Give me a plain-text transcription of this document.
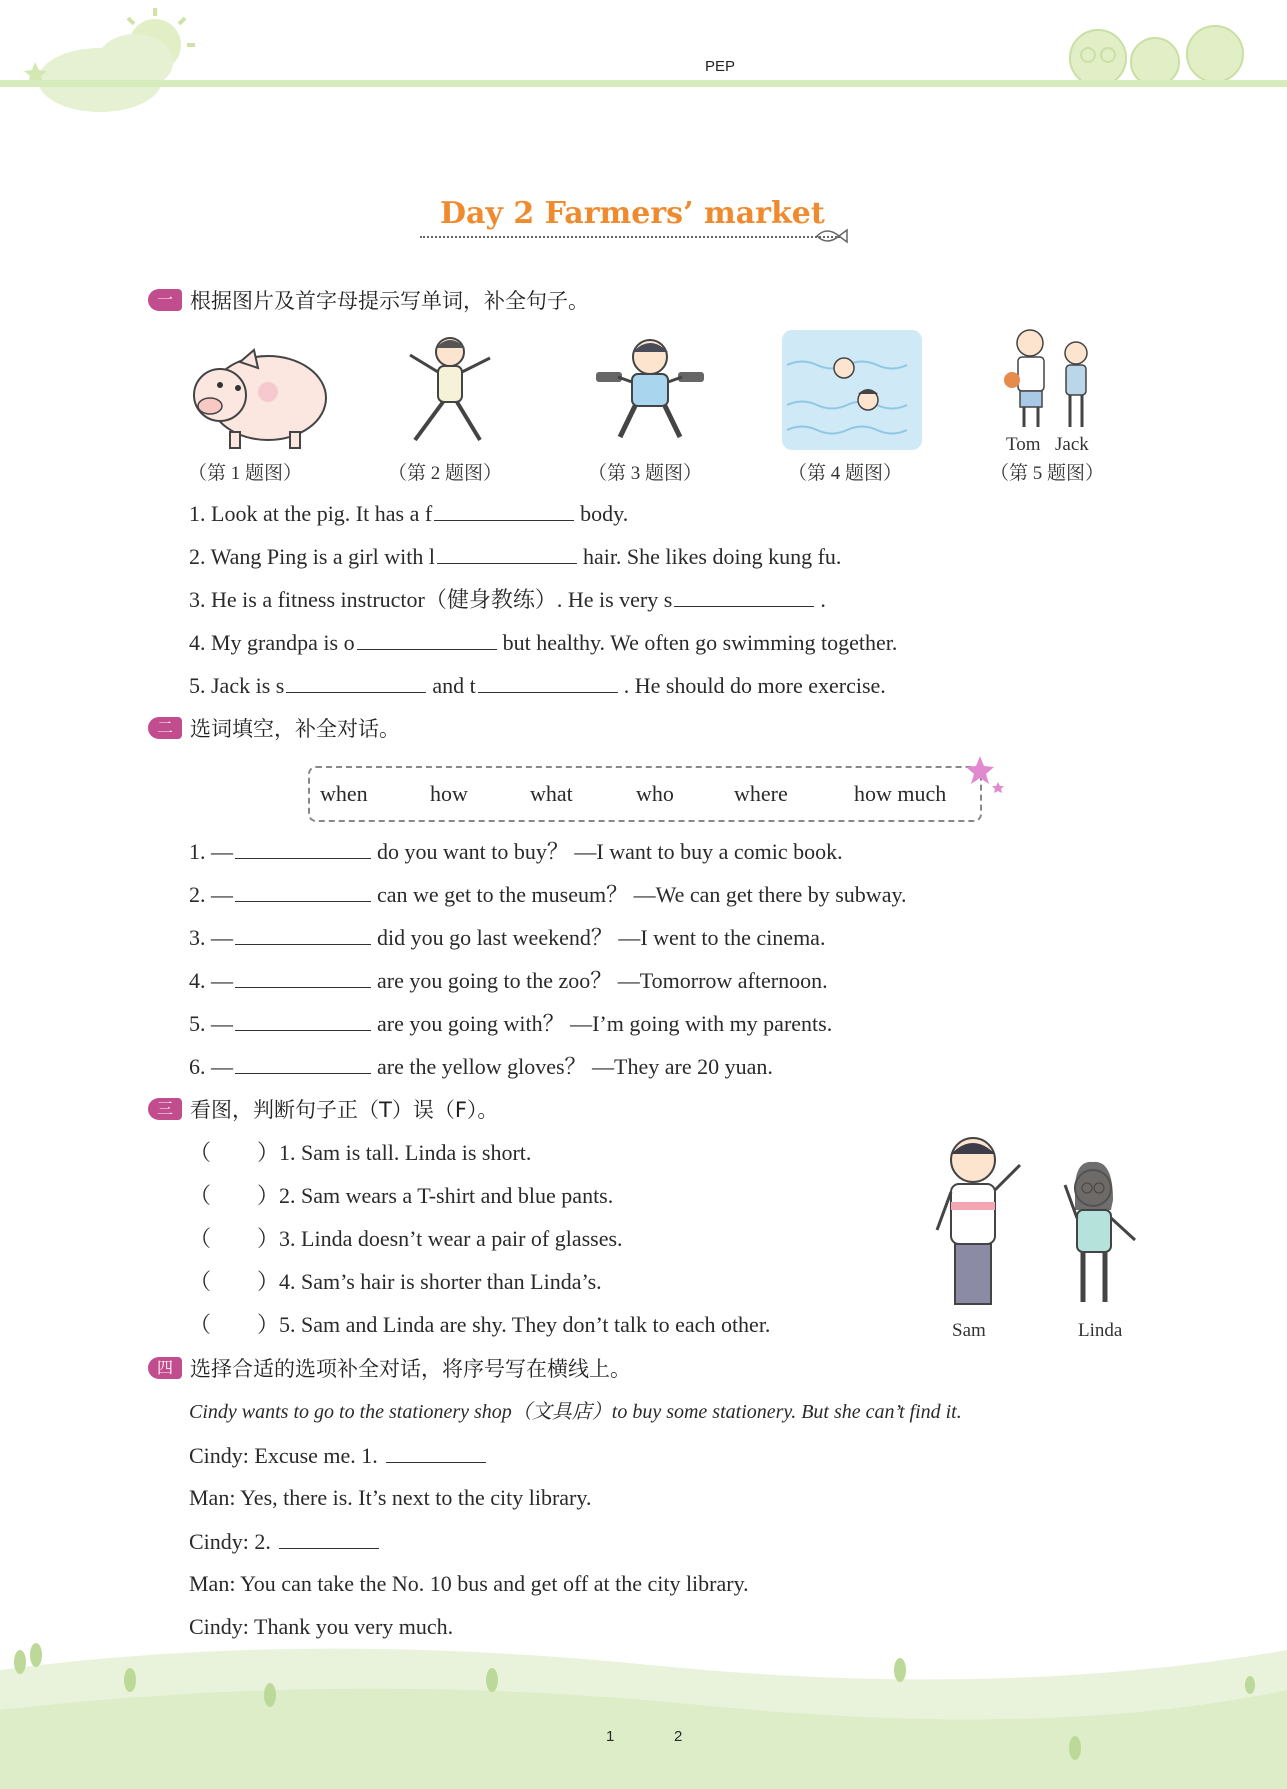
PEP
Day 2 Farmers’ market
一 根据图片及首字母提示写单词，补全句子。
Tom Jack
（第 1 题图）	（第 2 题图）	（第 3 题图）	（第 4 题图）	（第 5 题图）
1. Look at the pig. It has a f	body.
2. Wang Ping is a girl with l	hair. She likes doing kung fu.
3. He is a fitness instructor（健身教练）. He is very s	.
4. My grandpa is o	but healthy. We often go swimming together.
5. Jack is s	and t	. He should do more exercise.
二 选词填空，补全对话。
when	how	what	who	where	how much
1. —	do you want to buy？ —I want to buy a comic book.
2. —	can we get to the museum？ —We can get there by subway.
3. —	did you go last weekend？ —I went to the cinema.
4. —	are you going to the zoo？ —Tomorrow afternoon.
5. —	are you going with？ —I’m going with my parents.
6. —	are the yellow gloves？ —They are 20 yuan.
三 看图，判断句子正（T）误（F）。
（ ）1. Sam is tall. Linda is short.
（ ）2. Sam wears a T-shirt and blue pants.
（ ）3. Linda doesn’t wear a pair of glasses.
（ ）4. Sam’s hair is shorter than Linda’s.
（ ）5. Sam and Linda are shy. They don’t talk to each other.	Sam	Linda
四 选择合适的选项补全对话，将序号写在横线上。
Cindy wants to go to the stationery shop（文具店）to buy some stationery. But she can’t find it.
Cindy: Excuse me. 1.
Man: Yes, there is. It’s next to the city library.
Cindy: 2.
Man: You can take the No. 10 bus and get off at the city library.
Cindy: Thank you very much.
1	2
